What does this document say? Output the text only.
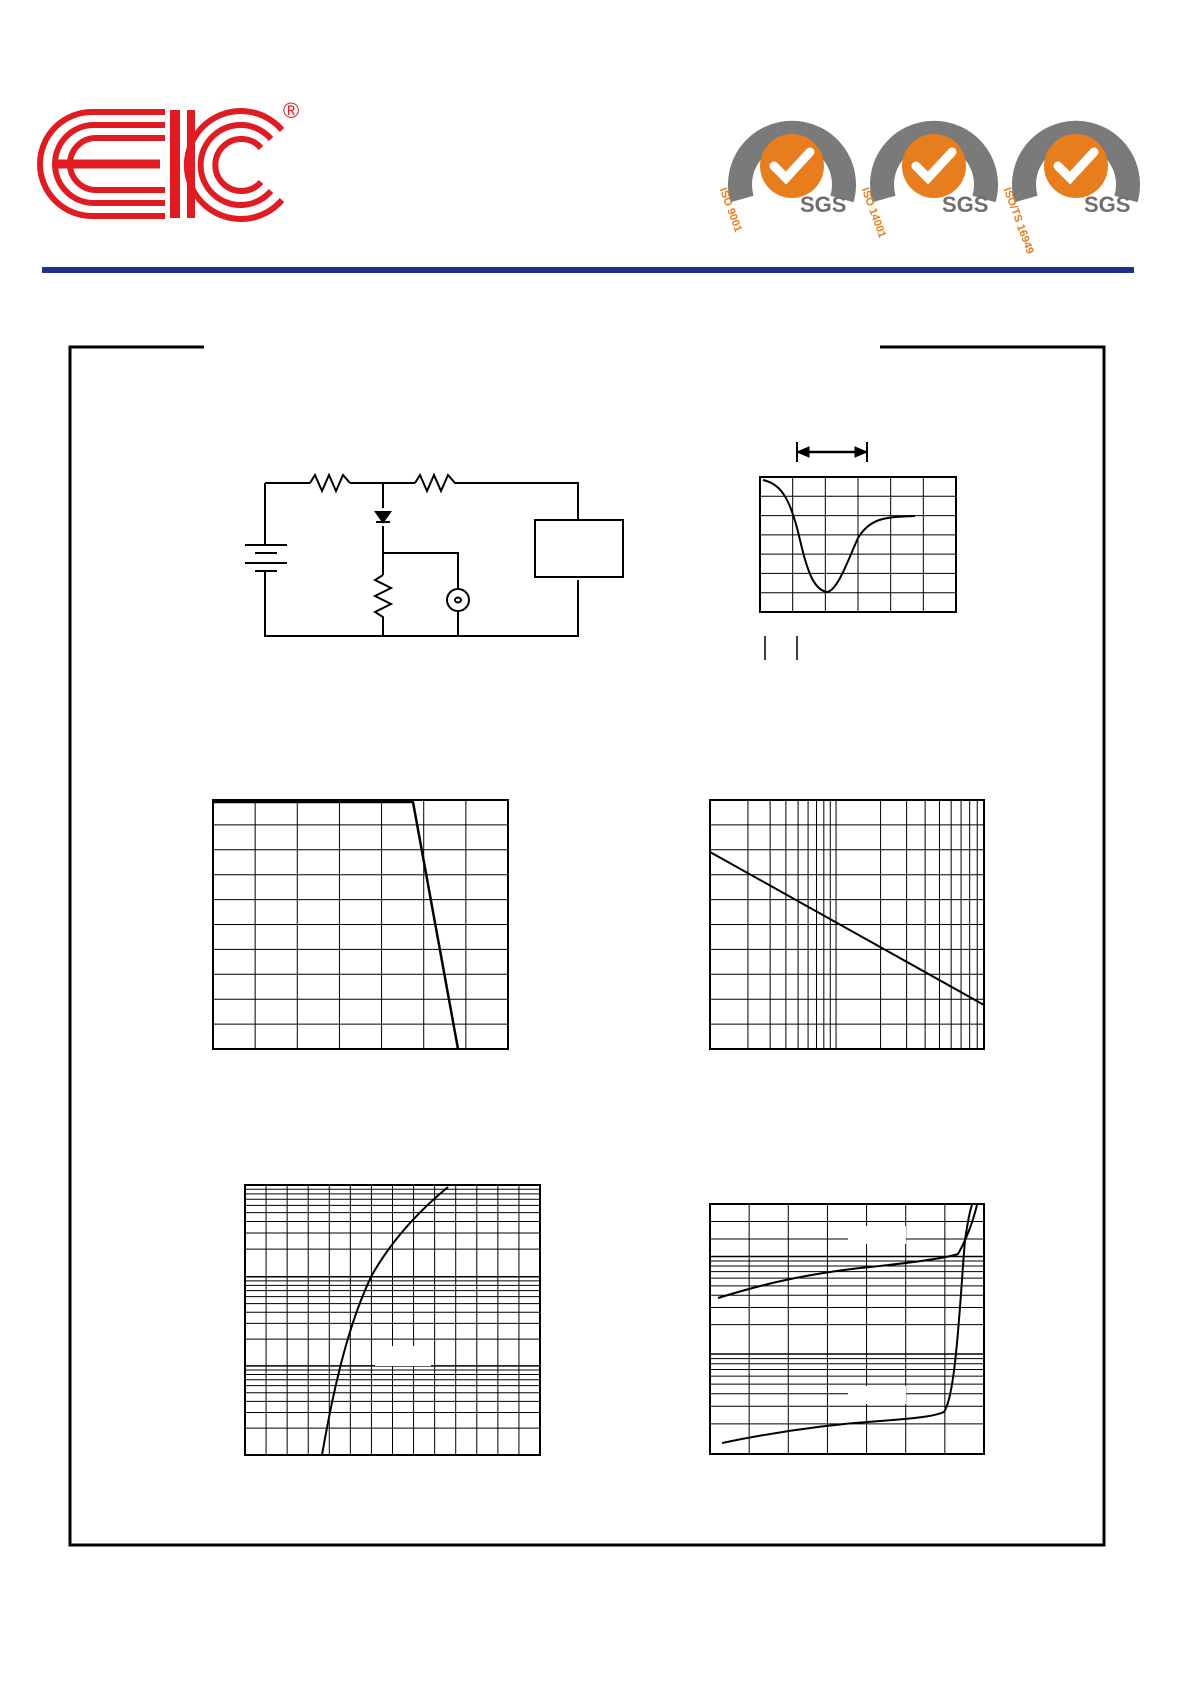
®
ISO 9001	SGS ISO 14001 SGS ISO/TS 16949 SGS
